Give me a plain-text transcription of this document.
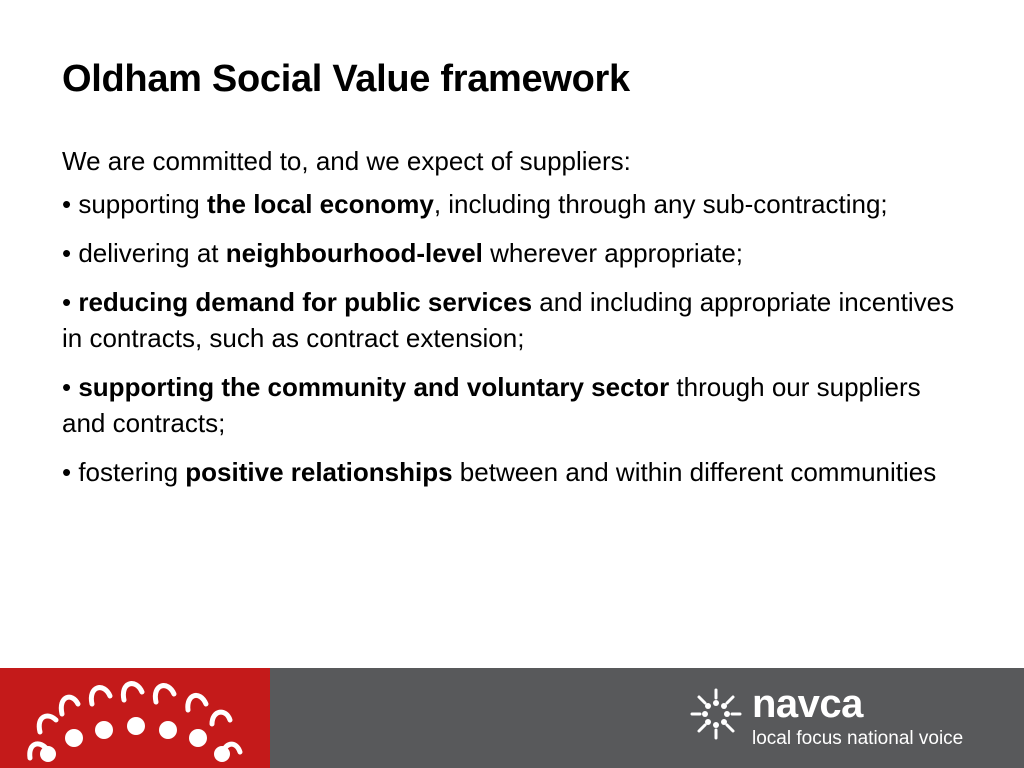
Oldham Social Value framework

We are committed to, and we expect of suppliers:

• supporting the local economy, including through any sub-contracting;

• delivering at neighbourhood-level wherever appropriate;

• reducing demand for public services and including appropriate incentives in contracts, such as contract extension;

• supporting the community and voluntary sector through our suppliers and contracts;

• fostering positive relationships between and within different communities

navca
local focus national voice
